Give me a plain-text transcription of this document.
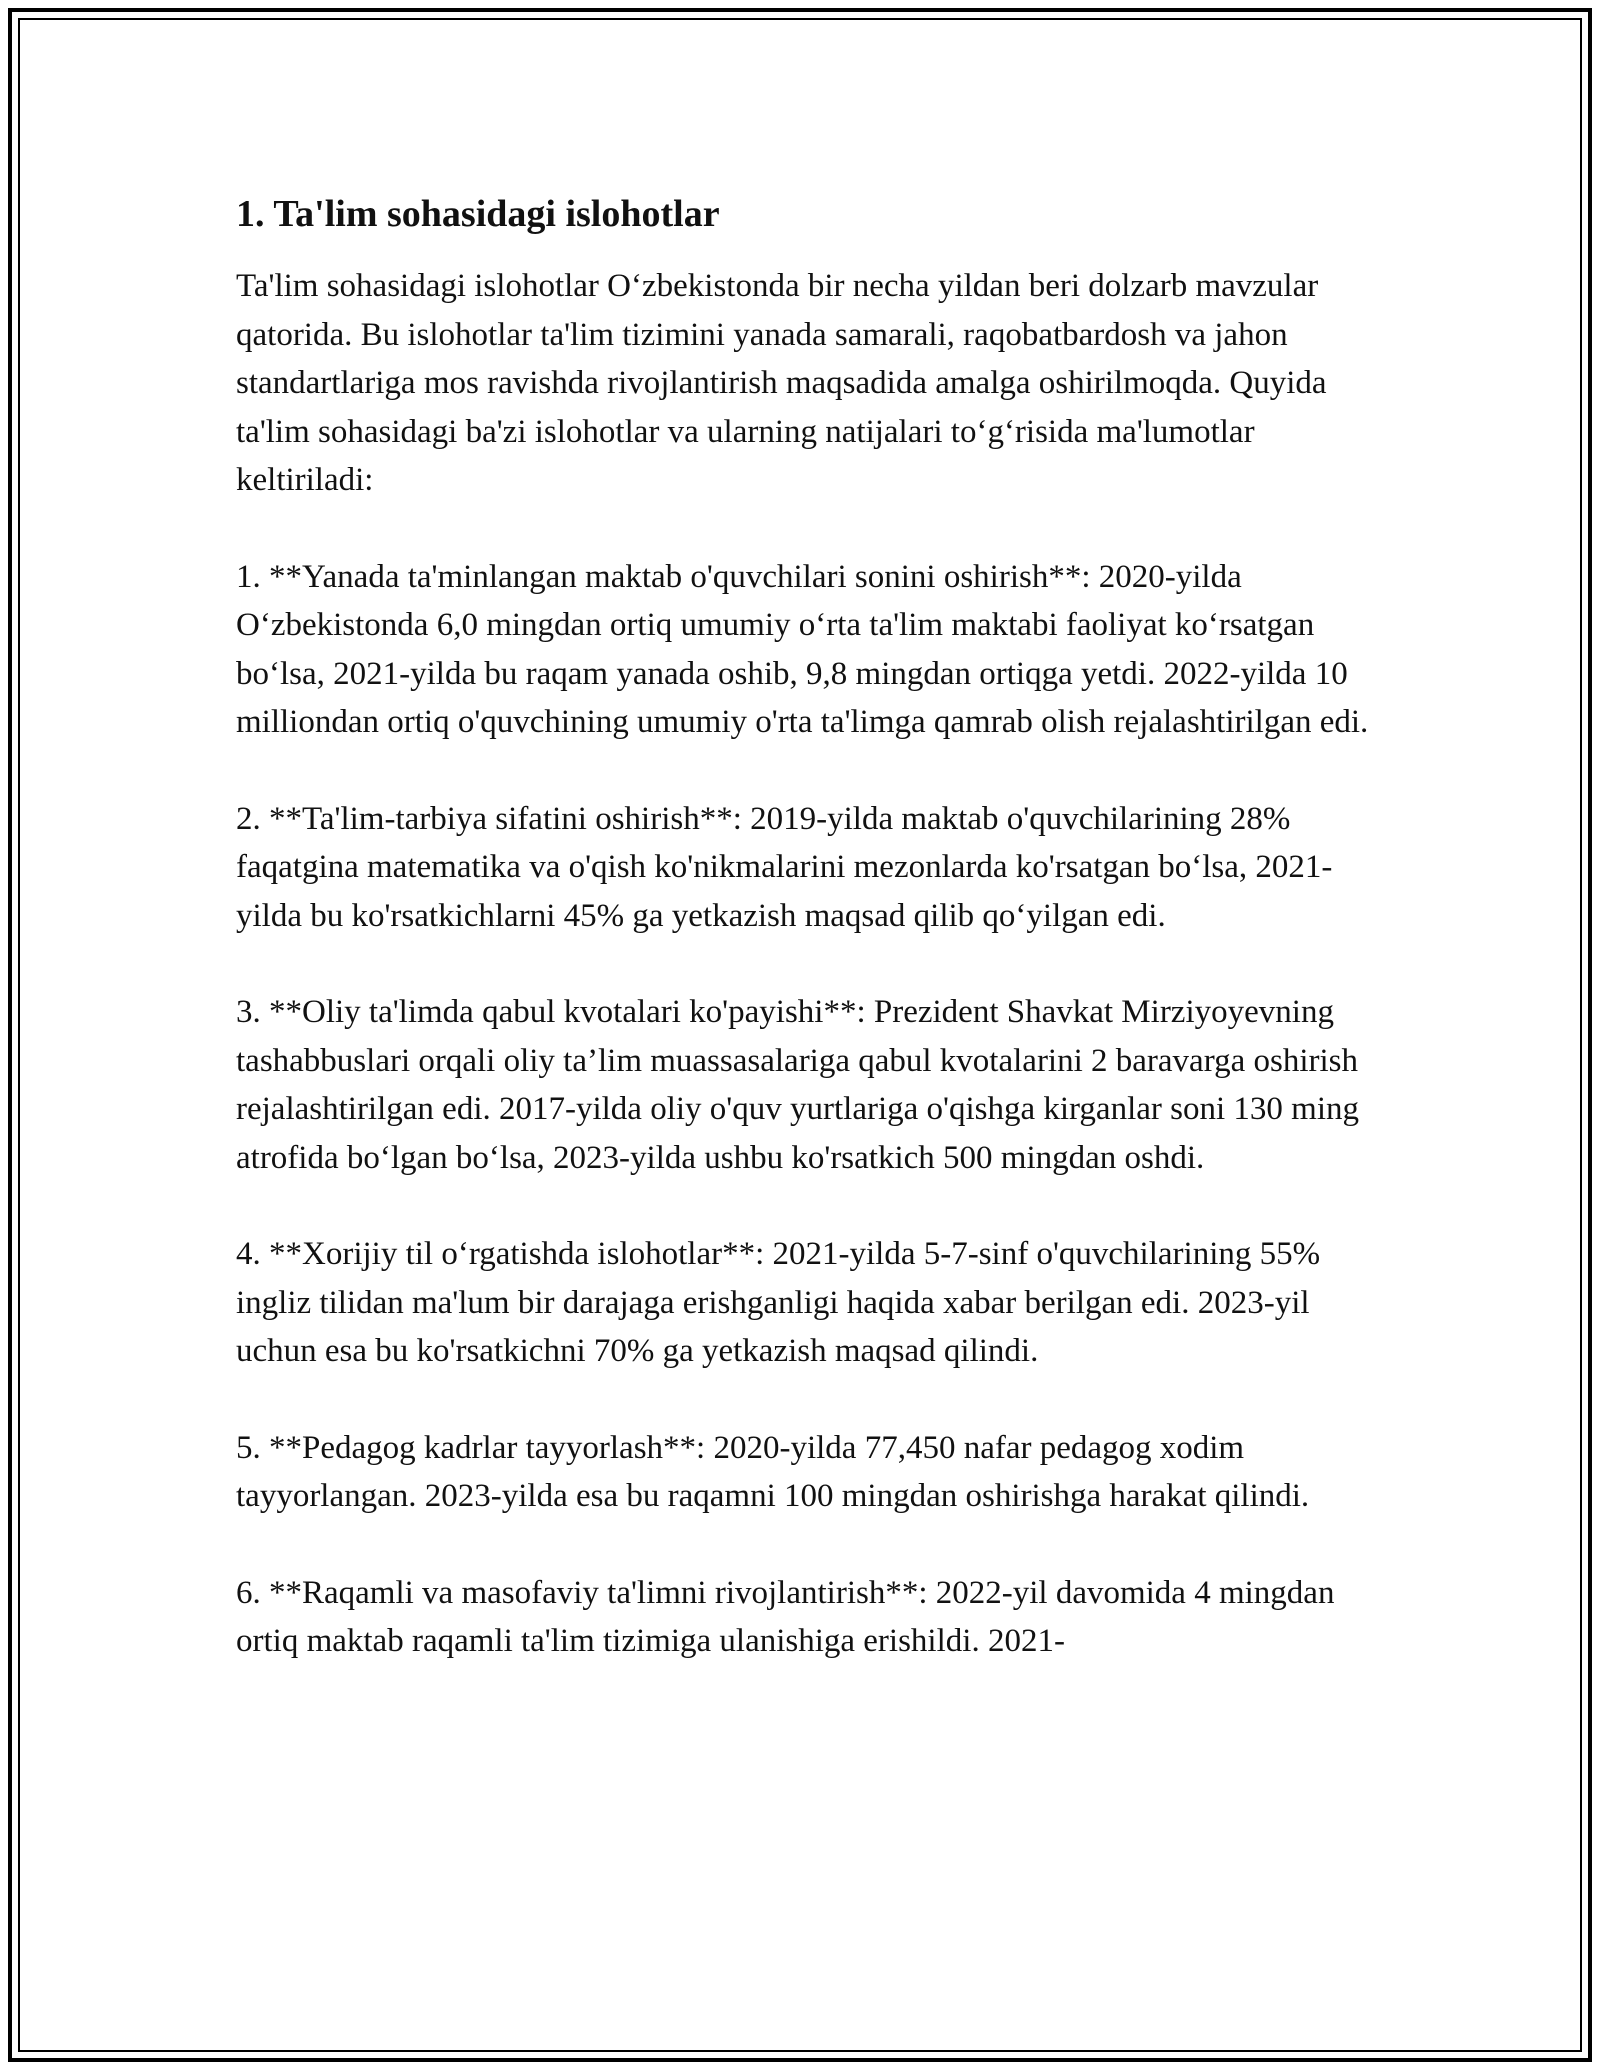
1. Ta'lim sohasidagi islohotlar

Ta'lim sohasidagi islohotlar O‘zbekistonda bir necha yildan beri dolzarb mavzular qatorida. Bu islohotlar ta'lim tizimini yanada samarali, raqobatbardosh va jahon standartlariga mos ravishda rivojlantirish maqsadida amalga oshirilmoqda. Quyida ta'lim sohasidagi ba'zi islohotlar va ularning natijalari to‘g‘risida ma'lumotlar keltiriladi:

1. **Yanada ta'minlangan maktab o'quvchilari sonini oshirish**: 2020-yilda O‘zbekistonda 6,0 mingdan ortiq umumiy o‘rta ta'lim maktabi faoliyat ko‘rsatgan bo‘lsa, 2021-yilda bu raqam yanada oshib, 9,8 mingdan ortiqga yetdi. 2022-yilda 10 milliondan ortiq o'quvchining umumiy o'rta ta'limga qamrab olish rejalashtirilgan edi.

2. **Ta'lim-tarbiya sifatini oshirish**: 2019-yilda maktab o'quvchilarining 28% faqatgina matematika va o'qish ko'nikmalarini mezonlarda ko'rsatgan bo‘lsa, 2021-yilda bu ko'rsatkichlarni 45% ga yetkazish maqsad qilib qo‘yilgan edi.

3. **Oliy ta'limda qabul kvotalari ko'payishi**: Prezident Shavkat Mirziyoyevning tashabbuslari orqali oliy ta’lim muassasalariga qabul kvotalarini 2 baravarga oshirish rejalashtirilgan edi. 2017-yilda oliy o'quv yurtlariga o'qishga kirganlar soni 130 ming atrofida bo‘lgan bo‘lsa, 2023-yilda ushbu ko'rsatkich 500 mingdan oshdi.

4. **Xorijiy til o‘rgatishda islohotlar**: 2021-yilda 5-7-sinf o'quvchilarining 55% ingliz tilidan ma'lum bir darajaga erishganligi haqida xabar berilgan edi. 2023-yil uchun esa bu ko'rsatkichni 70% ga yetkazish maqsad qilindi.

5. **Pedagog kadrlar tayyorlash**: 2020-yilda 77,450 nafar pedagog xodim tayyorlangan. 2023-yilda esa bu raqamni 100 mingdan oshirishga harakat qilindi.

6. **Raqamli va masofaviy ta'limni rivojlantirish**: 2022-yil davomida 4 mingdan ortiq maktab raqamli ta'lim tizimiga ulanishiga erishildi. 2021-
